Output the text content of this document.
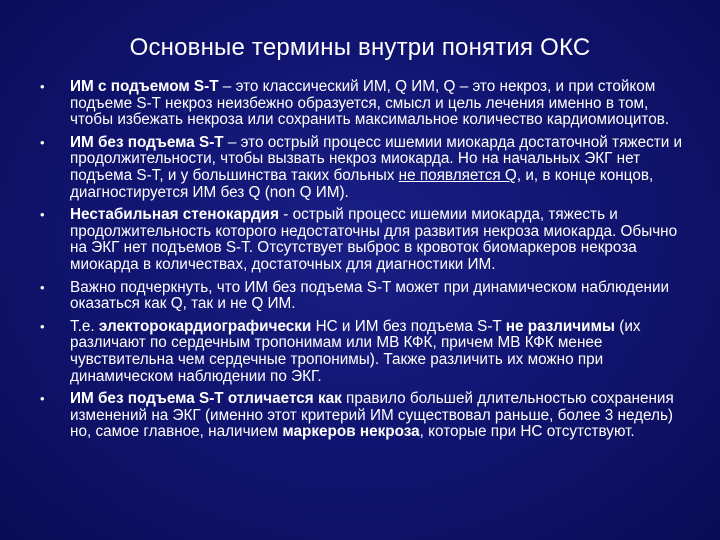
Основные термины внутри понятия ОКС
• ИМ с подъемом S-T – это классический ИМ, Q ИМ, Q – это некроз, и при стойком подъеме S-T некроз неизбежно образуется, смысл и цель лечения именно в том, чтобы избежать некроза или сохранить максимальное количество кардиомиоцитов.
• ИМ без подъема S-T – это острый процесс ишемии миокарда достаточной тяжести и продолжительности, чтобы вызвать некроз миокарда. Но на начальных ЭКГ нет подъема S-T, и у большинства таких больных не появляется Q, и, в конце концов, диагностируется ИМ без Q (non Q ИМ).
• Нестабильная стенокардия - острый процесс ишемии миокарда, тяжесть и продолжительность которого недостаточны для развития некроза миокарда. Обычно на ЭКГ нет подъемов S-T. Отсутствует выброс в кровоток биомаркеров некроза миокарда в количествах, достаточных для диагностики ИМ.
• Важно подчеркнуть, что ИМ без подъема S-T может при динамическом наблюдении оказаться как Q, так и не Q ИМ.
• Т.е. электорокардиографически НС и ИМ без подъема S-T не различимы (их различают по сердечным тропонимам или МВ КФК, причем МВ КФК менее чувствительна чем сердечные тропонимы). Также различить их можно при динамическом наблюдении по ЭКГ.
• ИМ без подъема S-T отличается как правило большей длительностью сохранения изменений на ЭКГ (именно этот критерий ИМ существовал раньше, более 3 недель) но, самое главное, наличием маркеров некроза, которые при НС отсутствуют.
